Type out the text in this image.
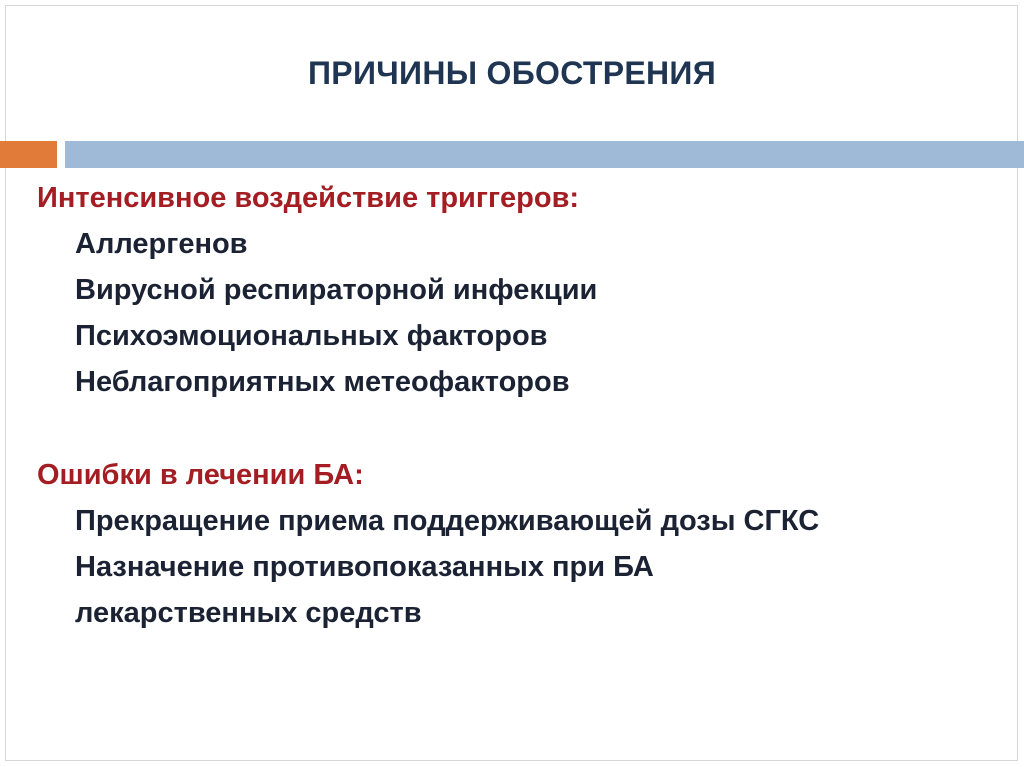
ПРИЧИНЫ ОБОСТРЕНИЯ

Интенсивное воздействие триггеров:

Аллергенов

Вирусной респираторной инфекции

Психоэмоциональных факторов

Неблагоприятных метеофакторов

Ошибки в лечении БА:

Прекращение приема поддерживающей дозы СГКС

Назначение противопоказанных при БА

лекарственных средств
